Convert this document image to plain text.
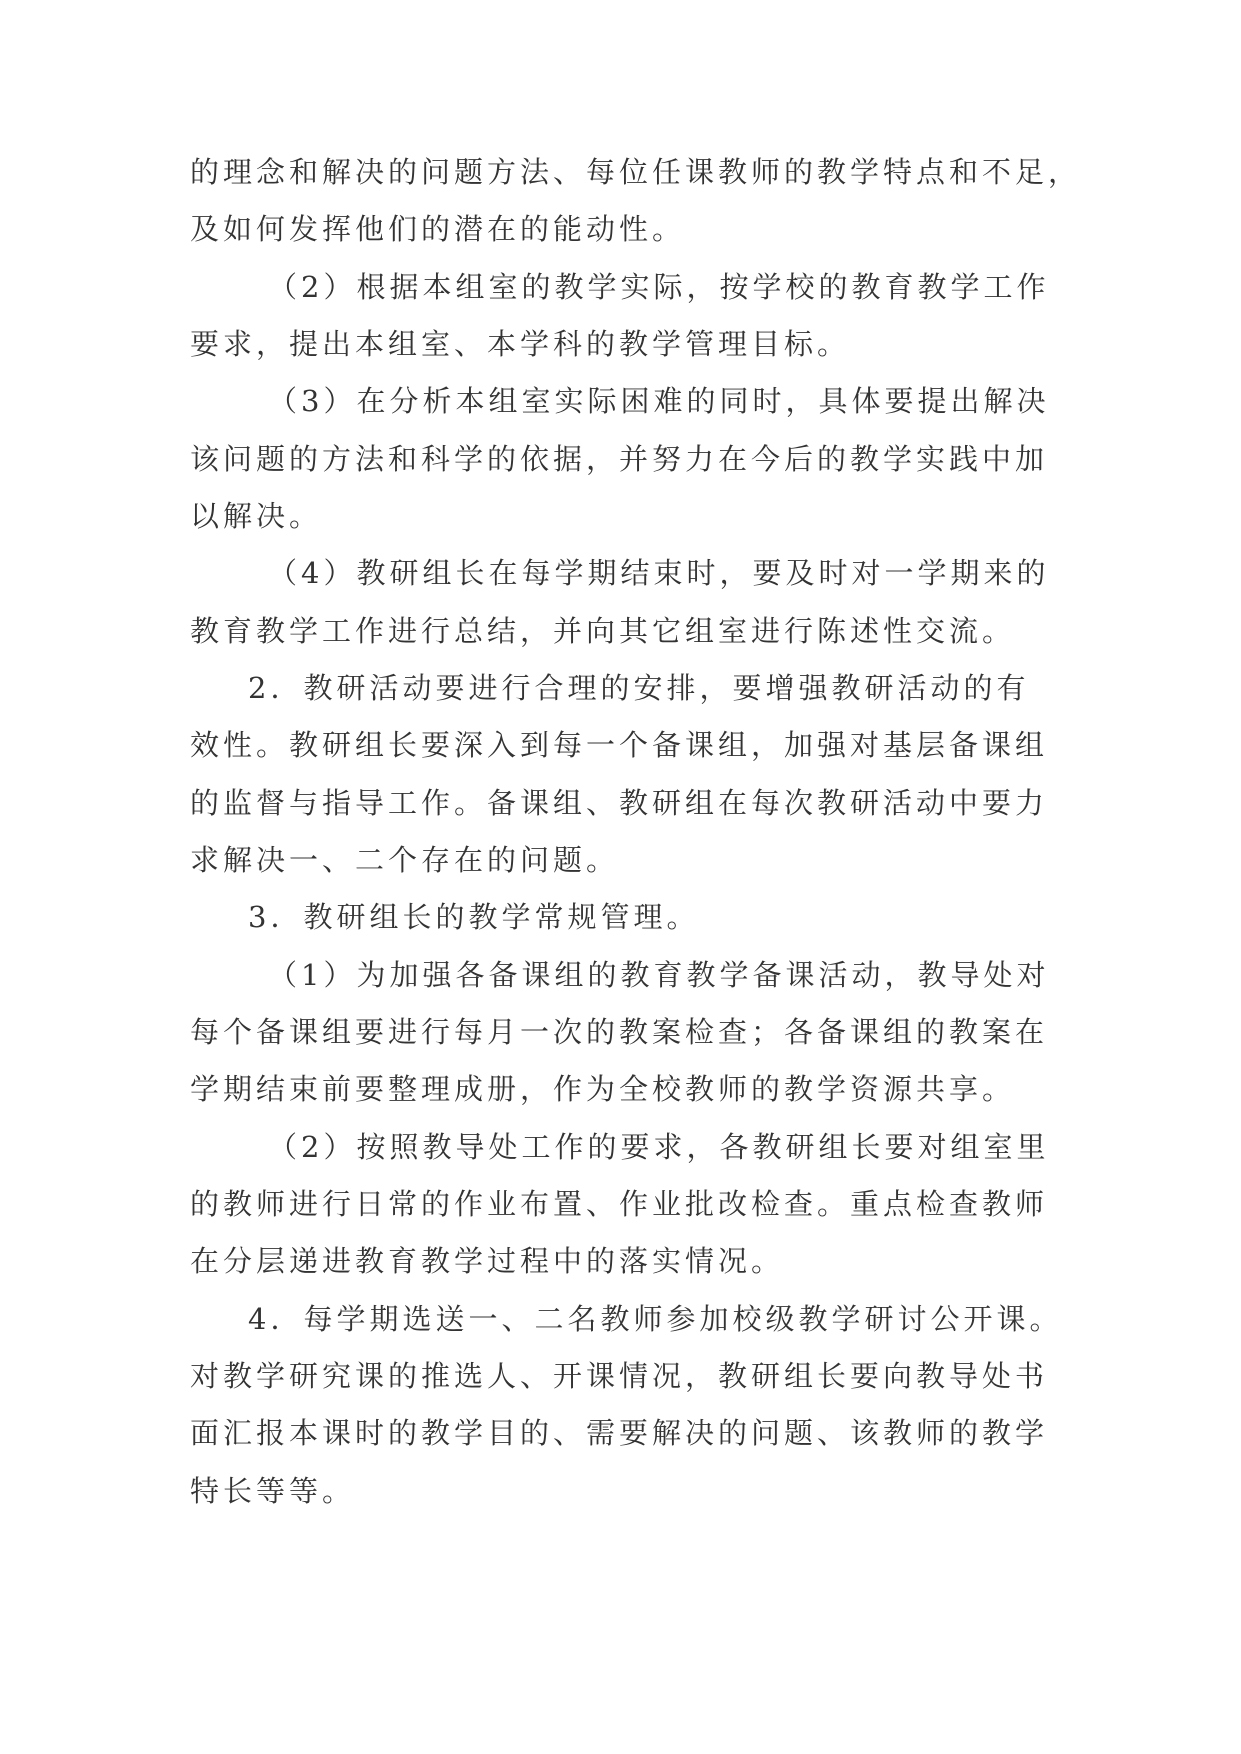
的理念和解决的问题方法、每位任课教师的教学特点和不足，
及如何发挥他们的潜在的能动性。
（2）根据本组室的教学实际，按学校的教育教学工作
要求，提出本组室、本学科的教学管理目标。
（3）在分析本组室实际困难的同时，具体要提出解决
该问题的方法和科学的依据，并努力在今后的教学实践中加
以解决。
（4）教研组长在每学期结束时，要及时对一学期来的
教育教学工作进行总结，并向其它组室进行陈述性交流。
2．教研活动要进行合理的安排，要增强教研活动的有
效性。教研组长要深入到每一个备课组，加强对基层备课组
的监督与指导工作。备课组、教研组在每次教研活动中要力
求解决一、二个存在的问题。
3．教研组长的教学常规管理。
（1）为加强各备课组的教育教学备课活动，教导处对
每个备课组要进行每月一次的教案检查；各备课组的教案在
学期结束前要整理成册，作为全校教师的教学资源共享。
（2）按照教导处工作的要求，各教研组长要对组室里
的教师进行日常的作业布置、作业批改检查。重点检查教师
在分层递进教育教学过程中的落实情况。
4．每学期选送一、二名教师参加校级教学研讨公开课。
对教学研究课的推选人、开课情况，教研组长要向教导处书
面汇报本课时的教学目的、需要解决的问题、该教师的教学
特长等等。
